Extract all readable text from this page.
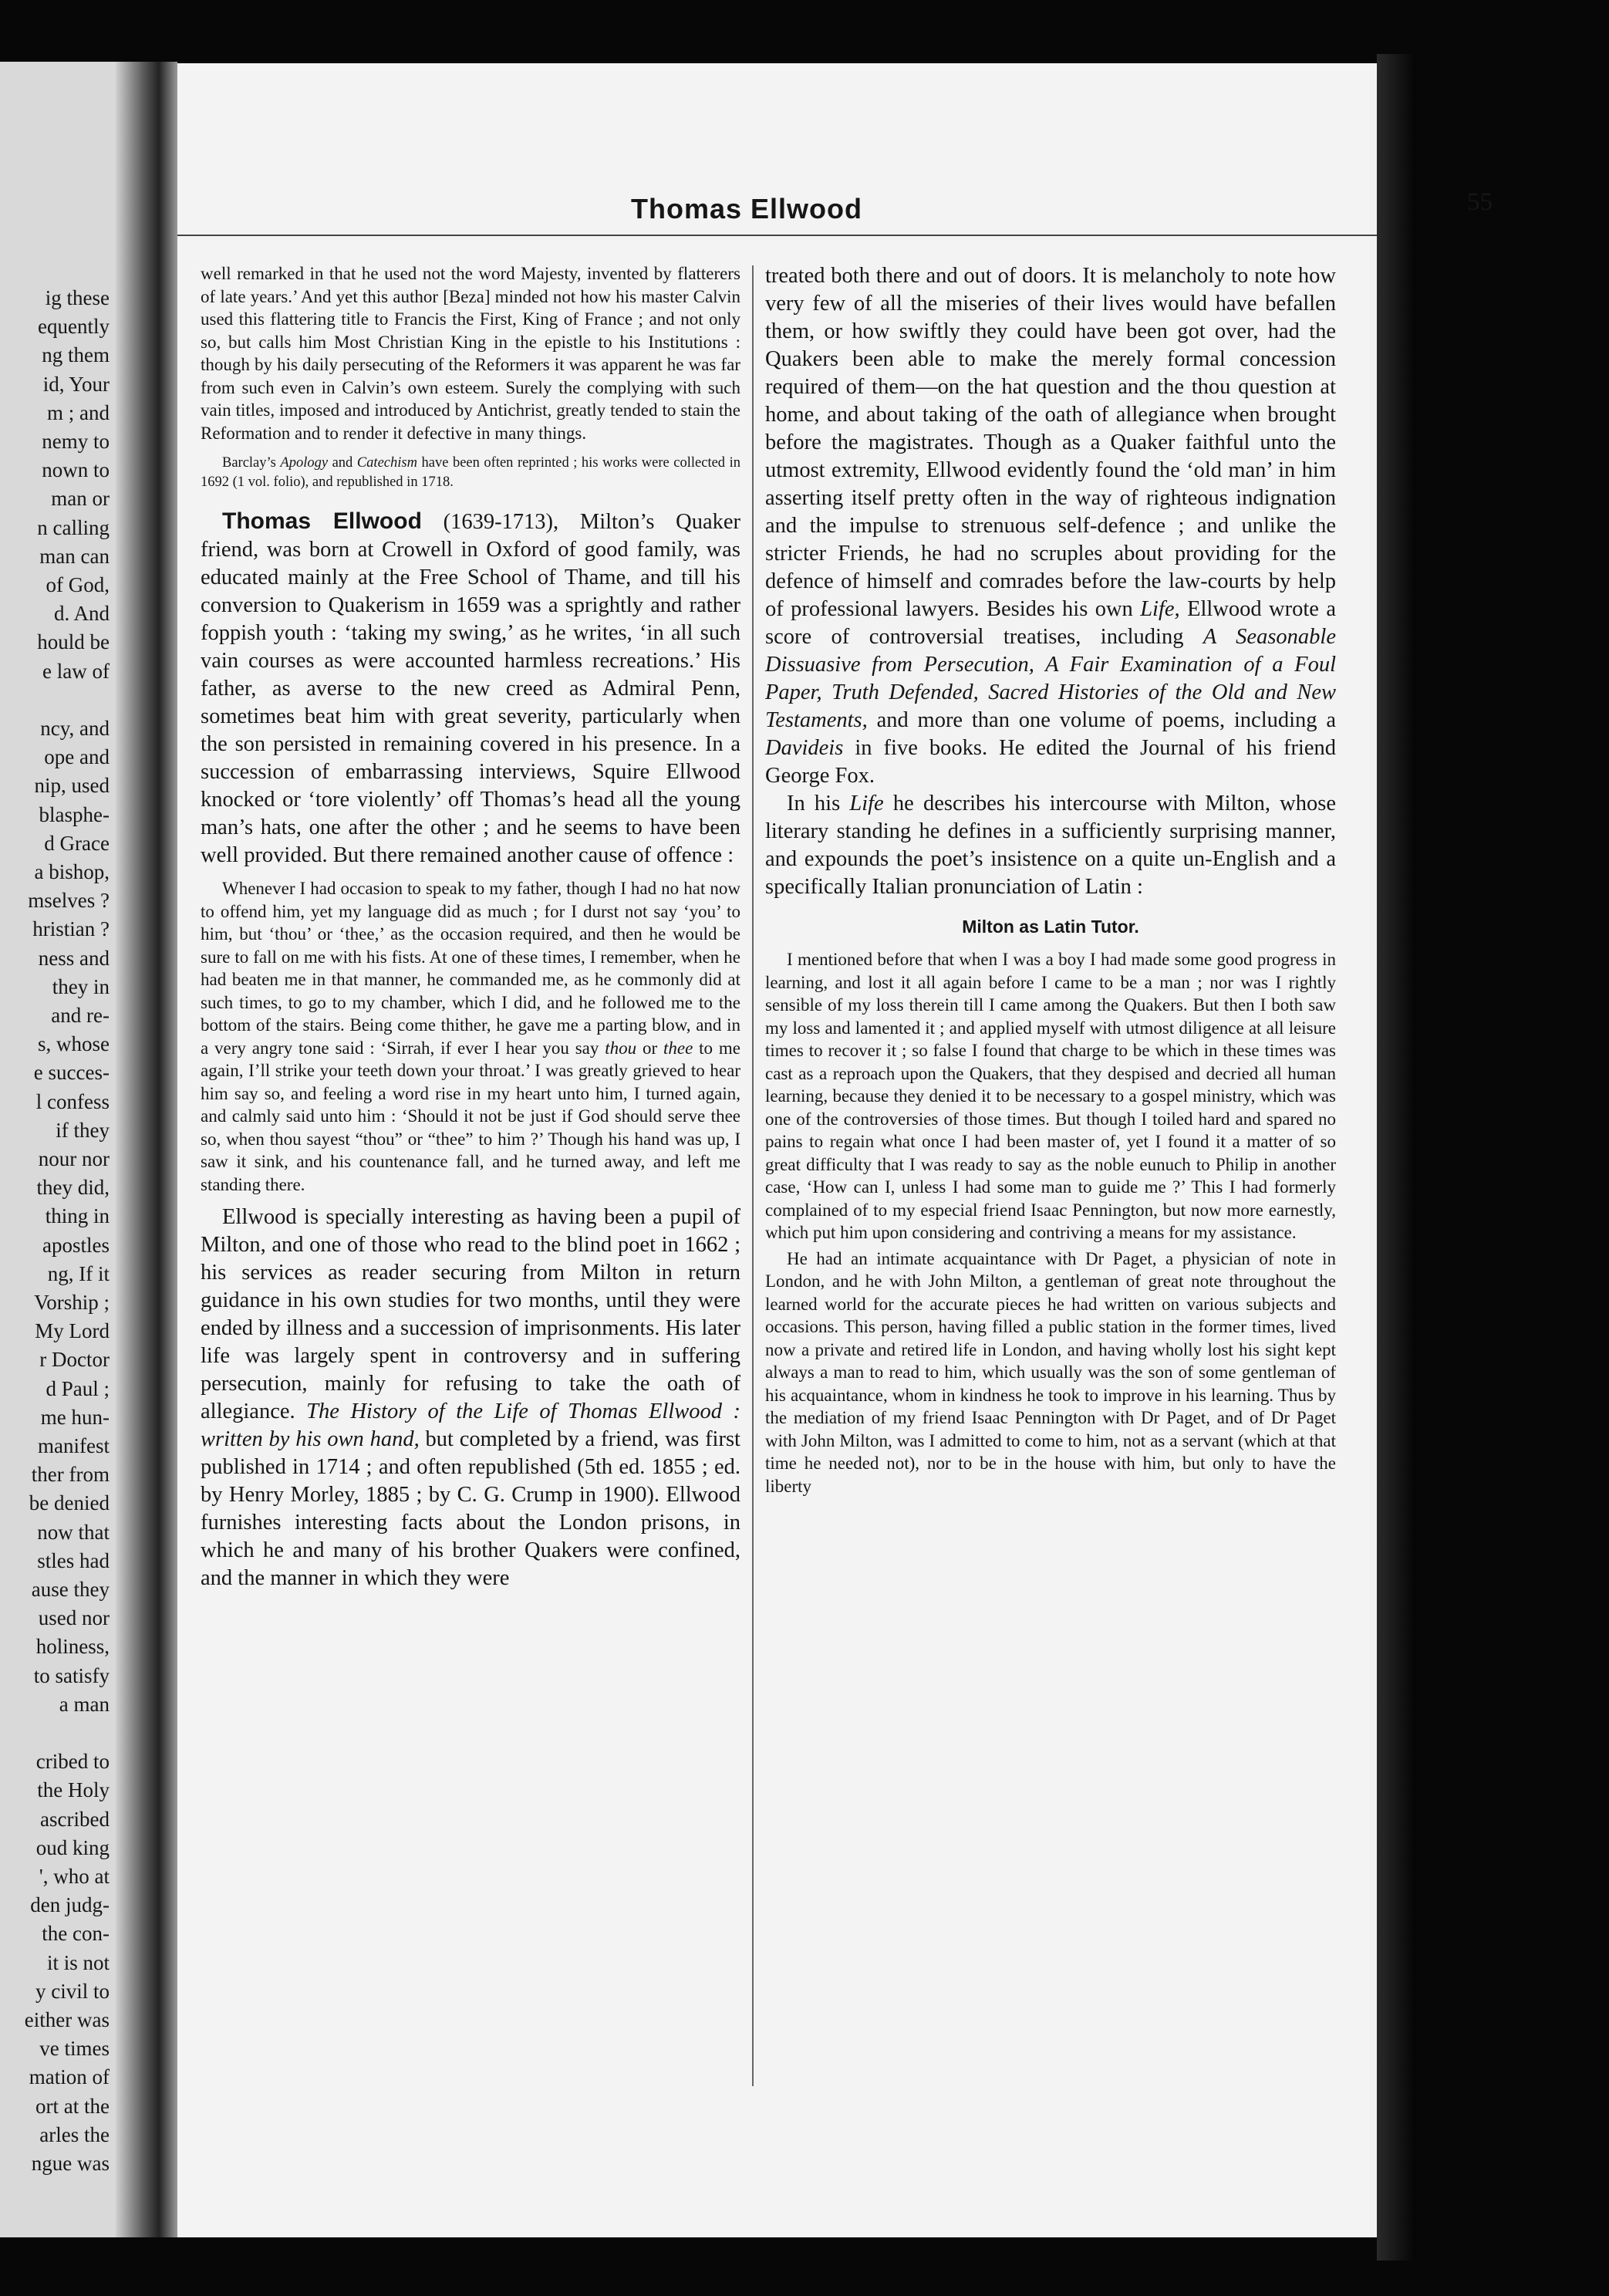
ig these
equently
ng them
id, Your
m ; and
nemy to
nown to
man or
n calling
man can
of God,
d. And
hould be
e law of
ncy, and
ope and
nip, used
blasphe-
d Grace
a bishop,
mselves ?
hristian ?
ness and
they in
and re-
s, whose
e succes-
l confess
if they
nour nor
they did,
thing in
apostles
ng, If it
Vorship ;
My Lord
r Doctor
d Paul ;
me hun-
manifest
ther from
be denied
now that
stles had
ause they
used nor
holiness,
to satisfy
a man
cribed to
the Holy
ascribed
oud king
', who at
den judg-
the con-
it is not
y civil to
either was
ve times
mation of
ort at the
arles the
ngue was
Thomas Ellwood	55

well remarked in that he used not the word Majesty, invented by flatterers of late years.’ And yet this author [Beza] minded not how his master Calvin used this flattering title to Francis the First, King of France ; and not only so, but calls him Most Christian King in the epistle to his Institutions : though by his daily persecuting of the Reformers it was apparent he was far from such even in Calvin’s own esteem. Surely the complying with such vain titles, imposed and introduced by Antichrist, greatly tended to stain the Reformation and to render it defective in many things.

Barclay’s Apology and Catechism have been often reprinted ; his works were collected in 1692 (1 vol. folio), and republished in 1718.

Thomas Ellwood (1639-1713), Milton’s Quaker friend, was born at Crowell in Oxford of good family, was educated mainly at the Free School of Thame, and till his conversion to Quakerism in 1659 was a sprightly and rather foppish youth : ‘taking my swing,’ as he writes, ‘in all such vain courses as were accounted harmless recreations.’ His father, as averse to the new creed as Admiral Penn, sometimes beat him with great severity, particularly when the son persisted in remaining covered in his presence. In a succession of embarrassing interviews, Squire Ellwood knocked or ‘tore violently’ off Thomas’s head all the young man’s hats, one after the other ; and he seems to have been well provided. But there remained another cause of offence :

Whenever I had occasion to speak to my father, though I had no hat now to offend him, yet my language did as much ; for I durst not say ‘you’ to him, but ‘thou’ or ‘thee,’ as the occasion required, and then he would be sure to fall on me with his fists. At one of these times, I remember, when he had beaten me in that manner, he commanded me, as he commonly did at such times, to go to my chamber, which I did, and he followed me to the bottom of the stairs. Being come thither, he gave me a parting blow, and in a very angry tone said : ‘Sirrah, if ever I hear you say thou or thee to me again, I’ll strike your teeth down your throat.’ I was greatly grieved to hear him say so, and feeling a word rise in my heart unto him, I turned again, and calmly said unto him : ‘Should it not be just if God should serve thee so, when thou sayest “thou” or “thee” to him ?’ Though his hand was up, I saw it sink, and his countenance fall, and he turned away, and left me standing there.

Ellwood is specially interesting as having been a pupil of Milton, and one of those who read to the blind poet in 1662 ; his services as reader securing from Milton in return guidance in his own studies for two months, until they were ended by illness and a succession of imprisonments. His later life was largely spent in controversy and in suffering persecution, mainly for refusing to take the oath of allegiance. The History of the Life of Thomas Ellwood : written by his own hand, but completed by a friend, was first published in 1714 ; and often republished (5th ed. 1855 ; ed. by Henry Morley, 1885 ; by C. G. Crump in 1900). Ellwood furnishes interesting facts about the London prisons, in which he and many of his brother Quakers were confined, and the manner in which they were

treated both there and out of doors. It is melancholy to note how very few of all the miseries of their lives would have befallen them, or how swiftly they could have been got over, had the Quakers been able to make the merely formal concession required of them—on the hat question and the thou question at home, and about taking of the oath of allegiance when brought before the magistrates. Though as a Quaker faithful unto the utmost extremity, Ellwood evidently found the ‘old man’ in him asserting itself pretty often in the way of righteous indignation and the impulse to strenuous self-defence ; and unlike the stricter Friends, he had no scruples about providing for the defence of himself and comrades before the law-courts by help of professional lawyers. Besides his own Life, Ellwood wrote a score of controversial treatises, including A Seasonable Dissuasive from Persecution, A Fair Examination of a Foul Paper, Truth Defended, Sacred Histories of the Old and New Testaments, and more than one volume of poems, including a Davideis in five books. He edited the Journal of his friend George Fox.

In his Life he describes his intercourse with Milton, whose literary standing he defines in a sufficiently surprising manner, and expounds the poet’s insistence on a quite un-English and a specifically Italian pronunciation of Latin :

Milton as Latin Tutor.

I mentioned before that when I was a boy I had made some good progress in learning, and lost it all again before I came to be a man ; nor was I rightly sensible of my loss therein till I came among the Quakers. But then I both saw my loss and lamented it ; and applied myself with utmost diligence at all leisure times to recover it ; so false I found that charge to be which in these times was cast as a reproach upon the Quakers, that they despised and decried all human learning, because they denied it to be necessary to a gospel ministry, which was one of the controversies of those times. But though I toiled hard and spared no pains to regain what once I had been master of, yet I found it a matter of so great difficulty that I was ready to say as the noble eunuch to Philip in another case, ‘How can I, unless I had some man to guide me ?’ This I had formerly complained of to my especial friend Isaac Pennington, but now more earnestly, which put him upon considering and contriving a means for my assistance.

He had an intimate acquaintance with Dr Paget, a physician of note in London, and he with John Milton, a gentleman of great note throughout the learned world for the accurate pieces he had written on various subjects and occasions. This person, having filled a public station in the former times, lived now a private and retired life in London, and having wholly lost his sight kept always a man to read to him, which usually was the son of some gentleman of his acquaintance, whom in kindness he took to improve in his learning. Thus by the mediation of my friend Isaac Pennington with Dr Paget, and of Dr Paget with John Milton, was I admitted to come to him, not as a servant (which at that time he needed not), nor to be in the house with him, but only to have the liberty
